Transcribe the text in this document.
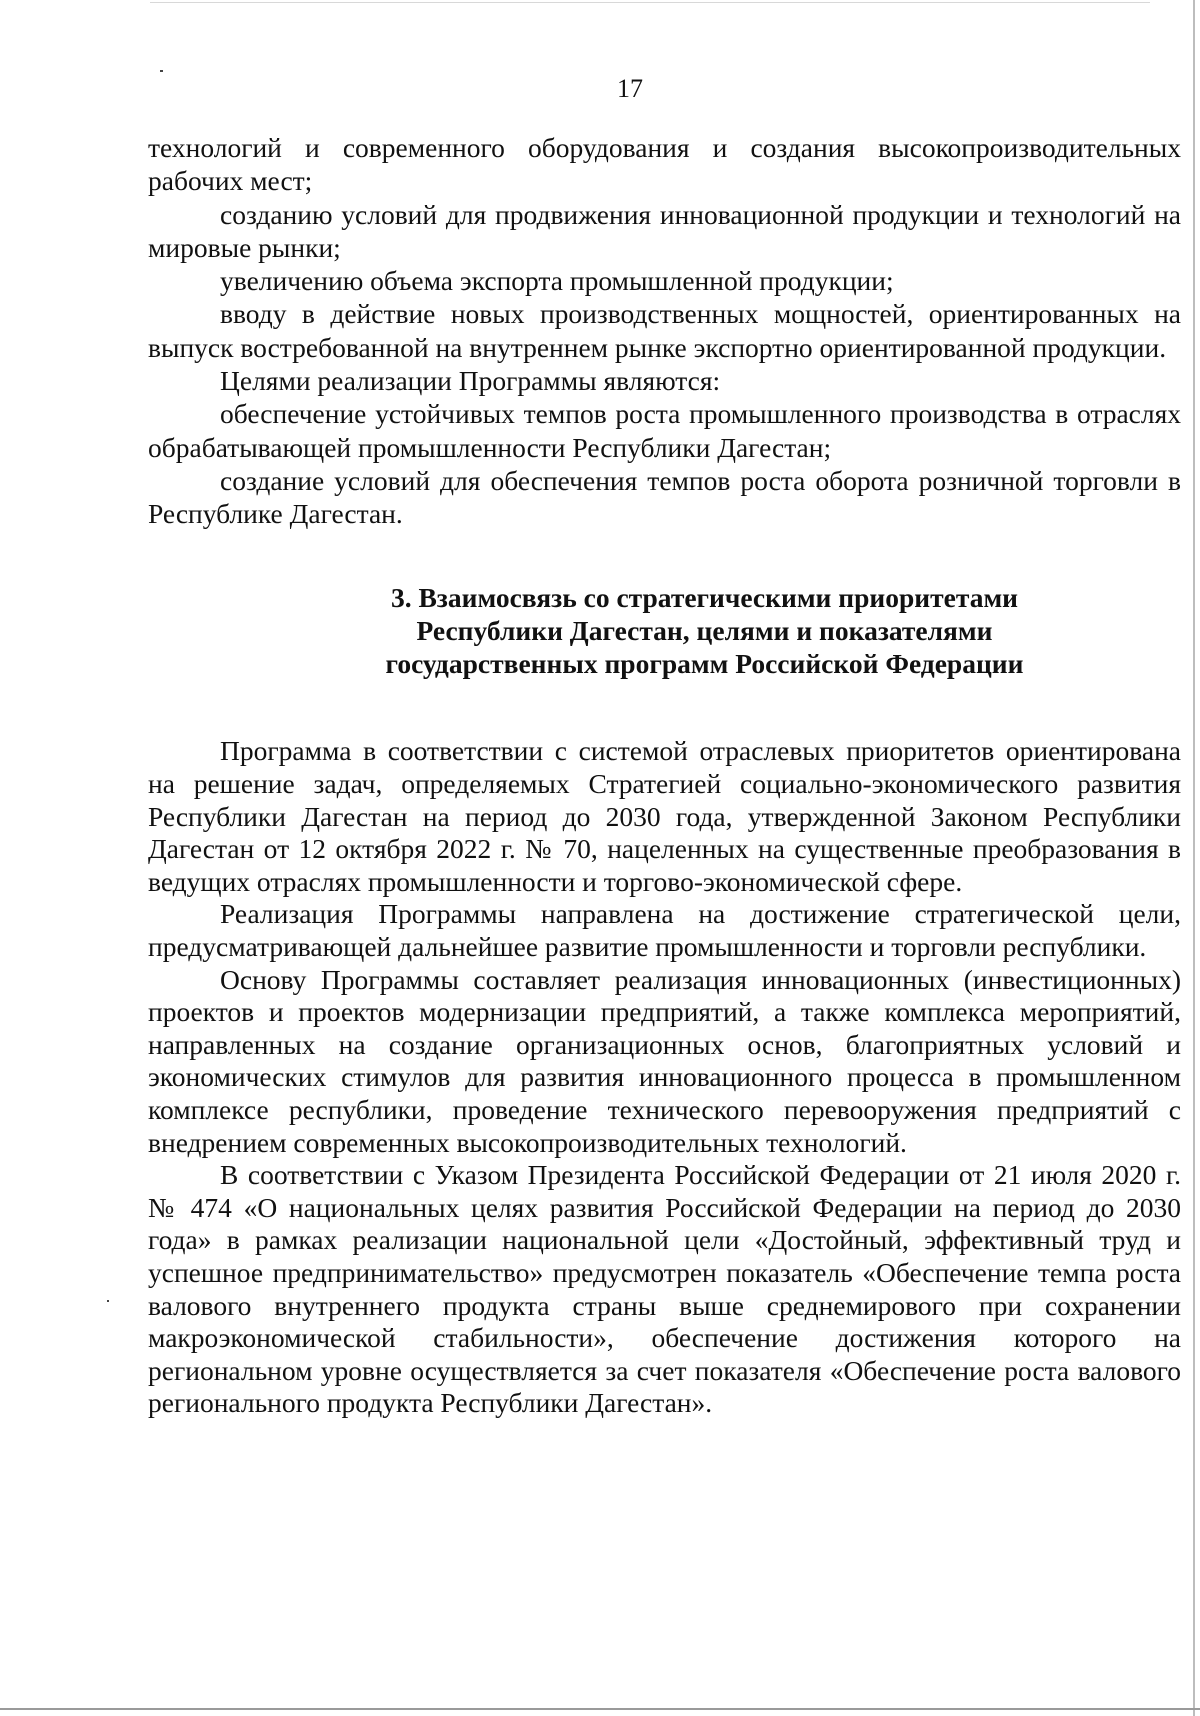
17

технологий и современного оборудования и создания высокопроизводительных рабочих мест;

созданию условий для продвижения инновационной продукции и технологий на мировые рынки;

увеличению объема экспорта промышленной продукции;

вводу в действие новых производственных мощностей, ориентированных на выпуск востребованной на внутреннем рынке экспортно ориентированной продукции.

Целями реализации Программы являются:

обеспечение устойчивых темпов роста промышленного производства в отраслях обрабатывающей промышленности Республики Дагестан;

создание условий для обеспечения темпов роста оборота розничной торговли в Республике Дагестан.

3. Взаимосвязь со стратегическими приоритетами
Республики Дагестан, целями и показателями
государственных программ Российской Федерации

Программа в соответствии с системой отраслевых приоритетов ориентирована на решение задач, определяемых Стратегией социально-экономического развития Республики Дагестан на период до 2030 года, утвержденной Законом Республики Дагестан от 12 октября 2022 г. № 70, нацеленных на существенные преобразования в ведущих отраслях промышленности и торгово-экономической сфере.

Реализация Программы направлена на достижение стратегической цели, предусматривающей дальнейшее развитие промышленности и торговли республики.

Основу Программы составляет реализация инновационных (инвестиционных) проектов и проектов модернизации предприятий, а также комплекса мероприятий, направленных на создание организационных основ, благоприятных условий и экономических стимулов для развития инновационного процесса в промышленном комплексе республики, проведение технического перевооружения предприятий с внедрением современных высокопроизводительных технологий.

В соответствии с Указом Президента Российской Федерации от 21 июля 2020 г. № 474 «О национальных целях развития Российской Федерации на период до 2030 года» в рамках реализации национальной цели «Достойный, эффективный труд и успешное предпринимательство» предусмотрен показатель «Обеспечение темпа роста валового внутреннего продукта страны выше среднемирового при сохранении макроэкономической стабильности», обеспечение достижения которого на региональном уровне осуществляется за счет показателя «Обеспечение роста валового регионального продукта Республики Дагестан».
